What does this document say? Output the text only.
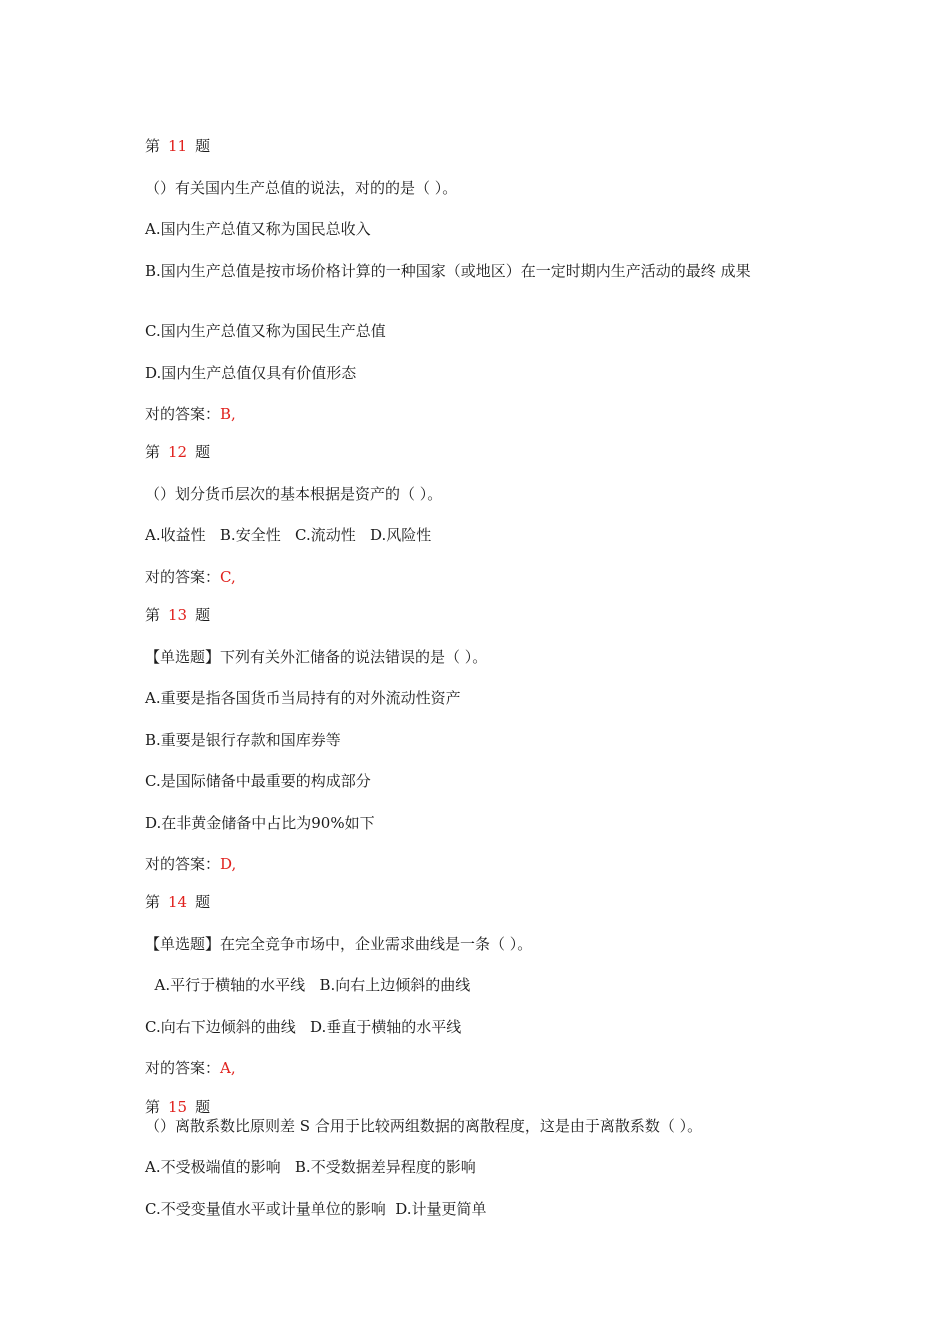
第 11 题
（）有关国内生产总值的说法，对的的是（ ）。
A.国内生产总值又称为国民总收入
B.国内生产总值是按市场价格计算的一种国家（或地区）在一定时期内生产活动的最终 成果
C.国内生产总值又称为国民生产总值
D.国内生产总值仅具有价值形态
对的答案：B,
第 12 题
（）划分货币层次的基本根据是资产的（ ）。
A.收益性   B.安全性   C.流动性   D.风险性
对的答案：C,
第 13 题
【单选题】下列有关外汇储备的说法错误的是（ ）。
A.重要是指各国货币当局持有的对外流动性资产
B.重要是银行存款和国库券等
C.是国际储备中最重要的构成部分
D.在非黄金储备中占比为90%如下
对的答案：D,
第 14 题
【单选题】在完全竞争市场中，企业需求曲线是一条（ ）。
A.平行于横轴的水平线   B.向右上边倾斜的曲线
C.向右下边倾斜的曲线   D.垂直于横轴的水平线
对的答案：A,
第 15 题
（）离散系数比原则差 S 合用于比较两组数据的离散程度，这是由于离散系数（ ）。
A.不受极端值的影响   B.不受数据差异程度的影响
C.不受变量值水平或计量单位的影响  D.计量更简单
